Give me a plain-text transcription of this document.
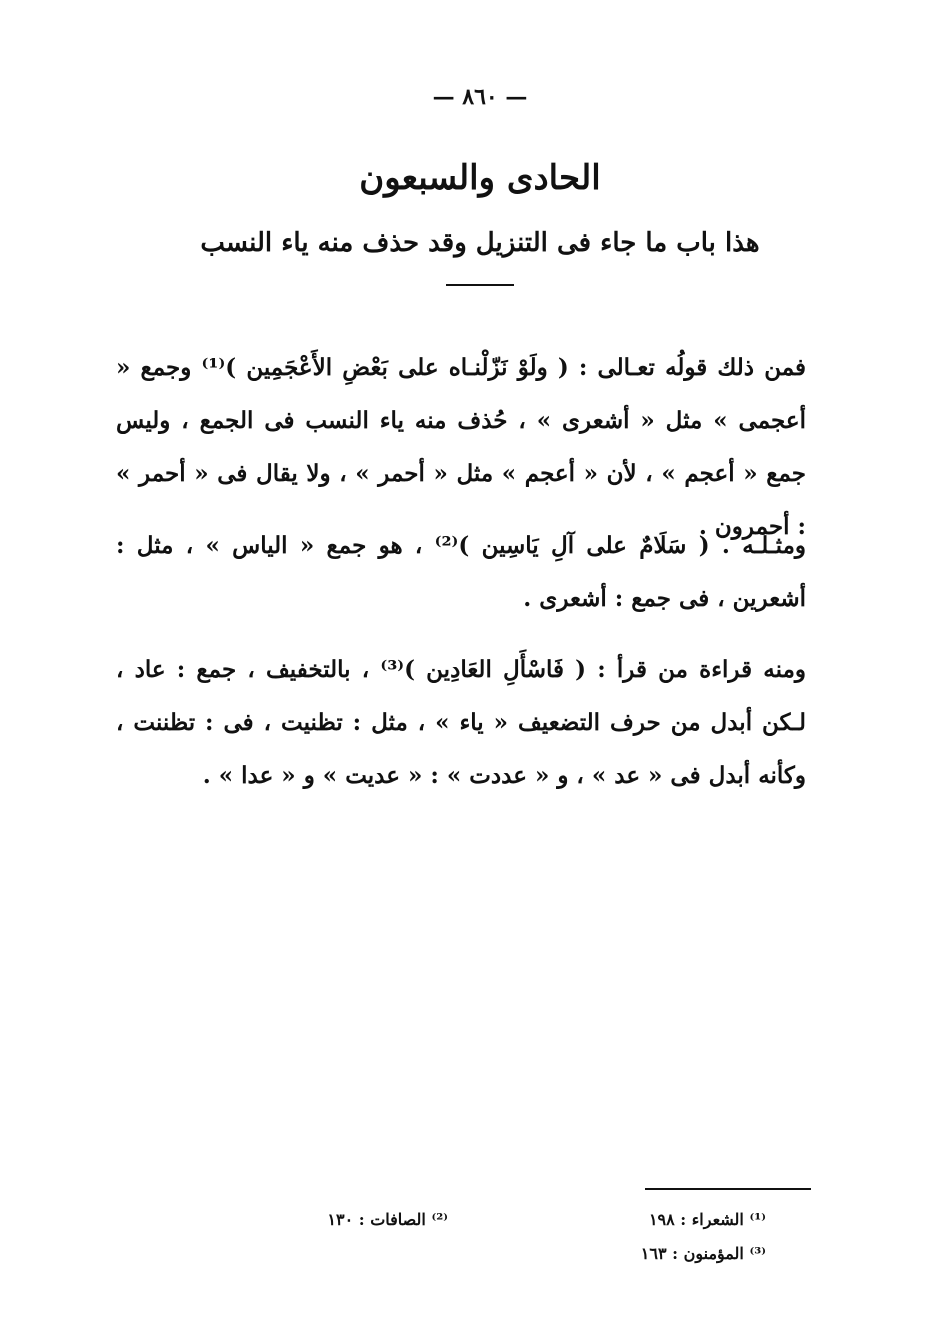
— ٨٦٠ —
الحادى والسبعون
هذا باب ما جاء فى التنزيل وقد حذف منه ياء النسب

فمن ذلك قولُه تعـالى : ( ولَوْ نَزّلْنـاه على بَعْضِ الأَعْجَمِين )⁽¹⁾ وجمع « أعجمى » مثل « أشعرى » ، حُذف منه ياء النسب فى الجمع ، وليس جمع « أعجم » ، لأن « أعجم » مثل « أحمر » ، ولا يقال فى « أحمر » : أحمرون .

ومثـلـه . ( سَلَامٌ على آلِ يَاسِين )⁽²⁾ ، هو جمع « الياس » ، مثل : أشعرين ، فى جمع : أشعرى .

ومنه قراءة من قرأ : ( فَاسْأَلِ العَادِين )⁽³⁾ ، بالتخفيف ، جمع : عاد ، لـكن أبدل من حرف التضعيف « ياء » ، مثل : تظنيت ، فى : تظننت ، وكأنه أبدل فى « عد » ، و « عددت » : « عديت » و « عدا » .

⁽¹⁾ الشعراء : ١٩٨
⁽²⁾ الصافات : ١٣٠
⁽³⁾ المؤمنون : ١٦٣
